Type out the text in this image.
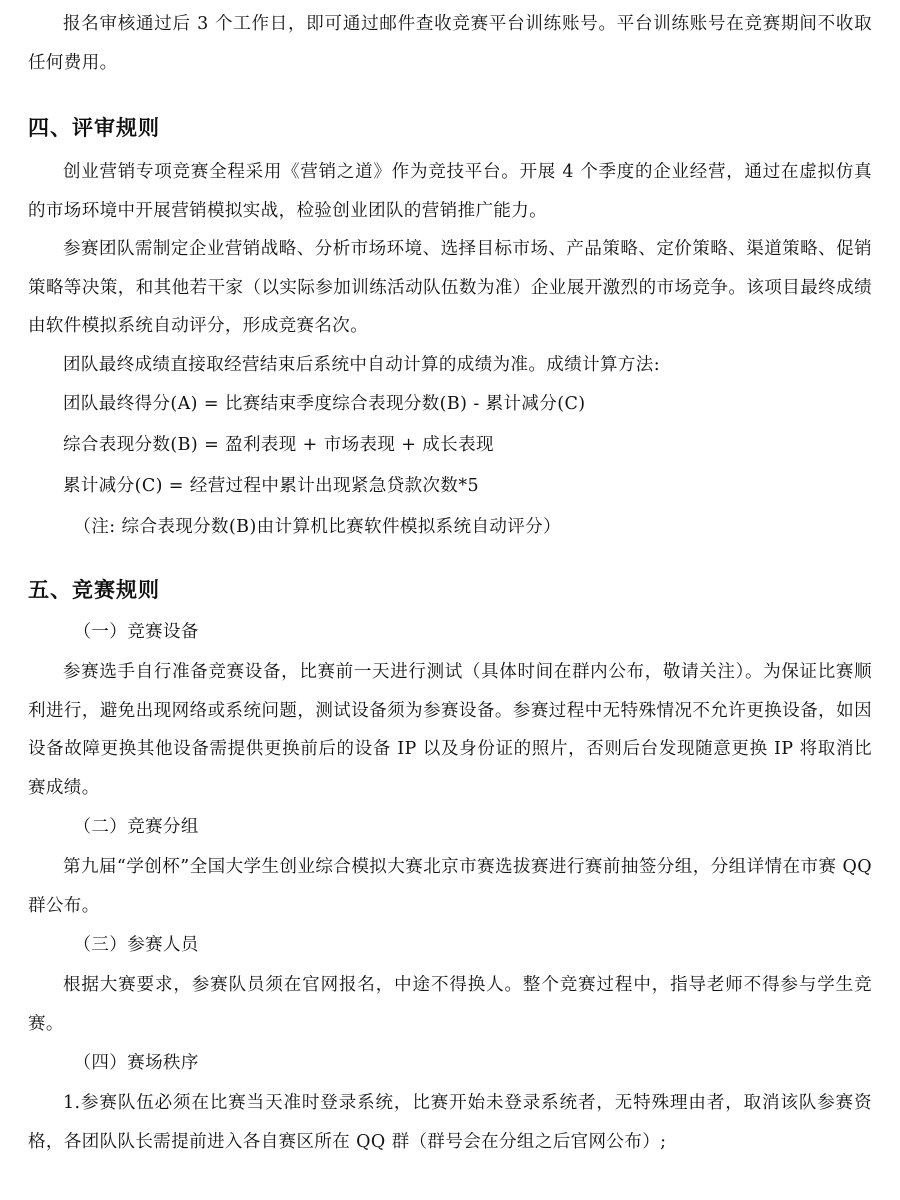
报名审核通过后 3 个工作日，即可通过邮件查收竞赛平台训练账号。平台训练账号在竞赛期间不收取任何费用。

四、评审规则

创业营销专项竞赛全程采用《营销之道》作为竞技平台。开展 4 个季度的企业经营，通过在虚拟仿真的市场环境中开展营销模拟实战，检验创业团队的营销推广能力。

参赛团队需制定企业营销战略、分析市场环境、选择目标市场、产品策略、定价策略、渠道策略、促销策略等决策，和其他若干家（以实际参加训练活动队伍数为准）企业展开激烈的市场竞争。该项目最终成绩由软件模拟系统自动评分，形成竞赛名次。

团队最终成绩直接取经营结束后系统中自动计算的成绩为准。成绩计算方法:

团队最终得分(A) = 比赛结束季度综合表现分数(B) - 累计减分(C)

综合表现分数(B) = 盈利表现 + 市场表现 + 成长表现

累计减分(C) = 经营过程中累计出现紧急贷款次数*5

（注: 综合表现分数(B)由计算机比赛软件模拟系统自动评分）

五、竞赛规则

（一）竞赛设备

参赛选手自行准备竞赛设备，比赛前一天进行测试（具体时间在群内公布，敬请关注）。为保证比赛顺利进行，避免出现网络或系统问题，测试设备须为参赛设备。参赛过程中无特殊情况不允许更换设备，如因设备故障更换其他设备需提供更换前后的设备 IP 以及身份证的照片，否则后台发现随意更换 IP 将取消比赛成绩。

（二）竞赛分组

第九届“学创杯”全国大学生创业综合模拟大赛北京市赛选拔赛进行赛前抽签分组，分组详情在市赛 QQ 群公布。

（三）参赛人员

根据大赛要求，参赛队员须在官网报名，中途不得换人。整个竞赛过程中，指导老师不得参与学生竞赛。

（四）赛场秩序

1.参赛队伍必须在比赛当天准时登录系统，比赛开始未登录系统者，无特殊理由者，取消该队参赛资格，各团队队长需提前进入各自赛区所在 QQ 群（群号会在分组之后官网公布）;
